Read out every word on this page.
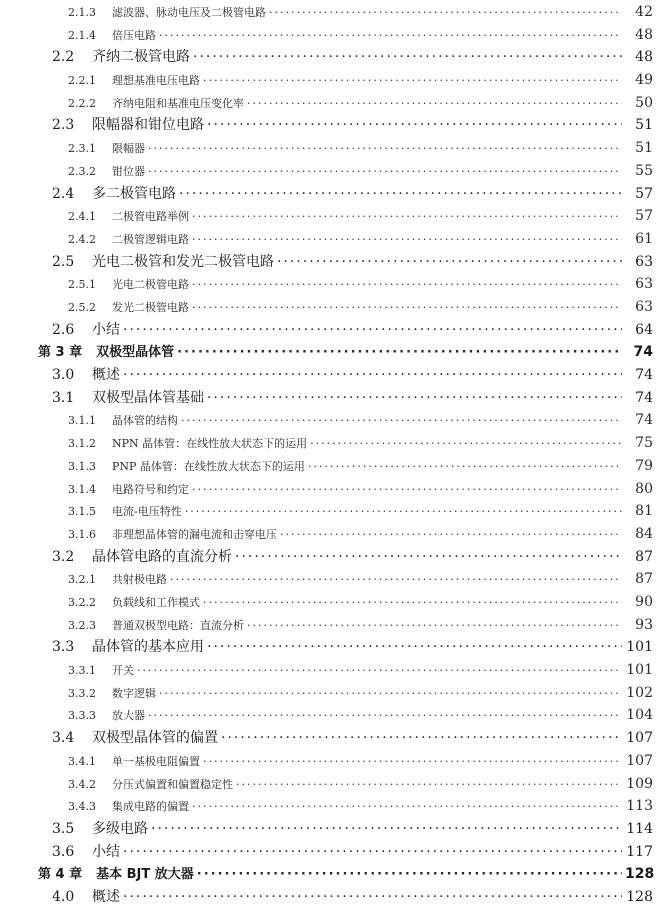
2.1.3	滤波器、脉动电压及二极管电路 ·····	42
2.1.4	倍压电路 ·····	48
2.2	齐纳二极管电路 ·····	48
2.2.1	理想基准电压电路 ·····	49
2.2.2	齐纳电阻和基准电压变化率 ·····	50
2.3	限幅器和钳位电路 ·····	51
2.3.1	限幅器 ·····	51
2.3.2	钳位器 ·····	55
2.4	多二极管电路 ·····	57
2.4.1	二极管电路举例 ·····	57
2.4.2	二极管逻辑电路 ·····	61
2.5	光电二极管和发光二极管电路 ·····	63
2.5.1	光电二极管电路 ·····	63
2.5.2	发光二极管电路 ·····	63
2.6	小结 ·····	64
第 3 章 双极型晶体管 ·····	74
3.0	概述 ·····	74
3.1	双极型晶体管基础 ·····	74
3.1.1	晶体管的结构 ·····	74
3.1.2	NPN 晶体管：在线性放大状态下的运用 ·····	75
3.1.3	PNP 晶体管：在线性放大状态下的运用 ·····	79
3.1.4	电路符号和约定 ·····	80
3.1.5	电流-电压特性 ·····	81
3.1.6	非理想晶体管的漏电流和击穿电压 ·····	84
3.2	晶体管电路的直流分析 ·····	87
3.2.1	共射极电路 ·····	87
3.2.2	负载线和工作模式 ·····	90
3.2.3	普通双极型电路：直流分析 ·····	93
3.3	晶体管的基本应用 ·····	101
3.3.1	开关 ·····	101
3.3.2	数字逻辑 ·····	102
3.3.3	放大器 ·····	104
3.4	双极型晶体管的偏置 ·····	107
3.4.1	单一基极电阻偏置 ·····	107
3.4.2	分压式偏置和偏置稳定性 ·····	109
3.4.3	集成电路的偏置 ·····	113
3.5	多级电路 ·····	114
3.6	小结 ·····	117
第 4 章 基本 BJT 放大器 ·····	128
4.0	概述 ·····	128
